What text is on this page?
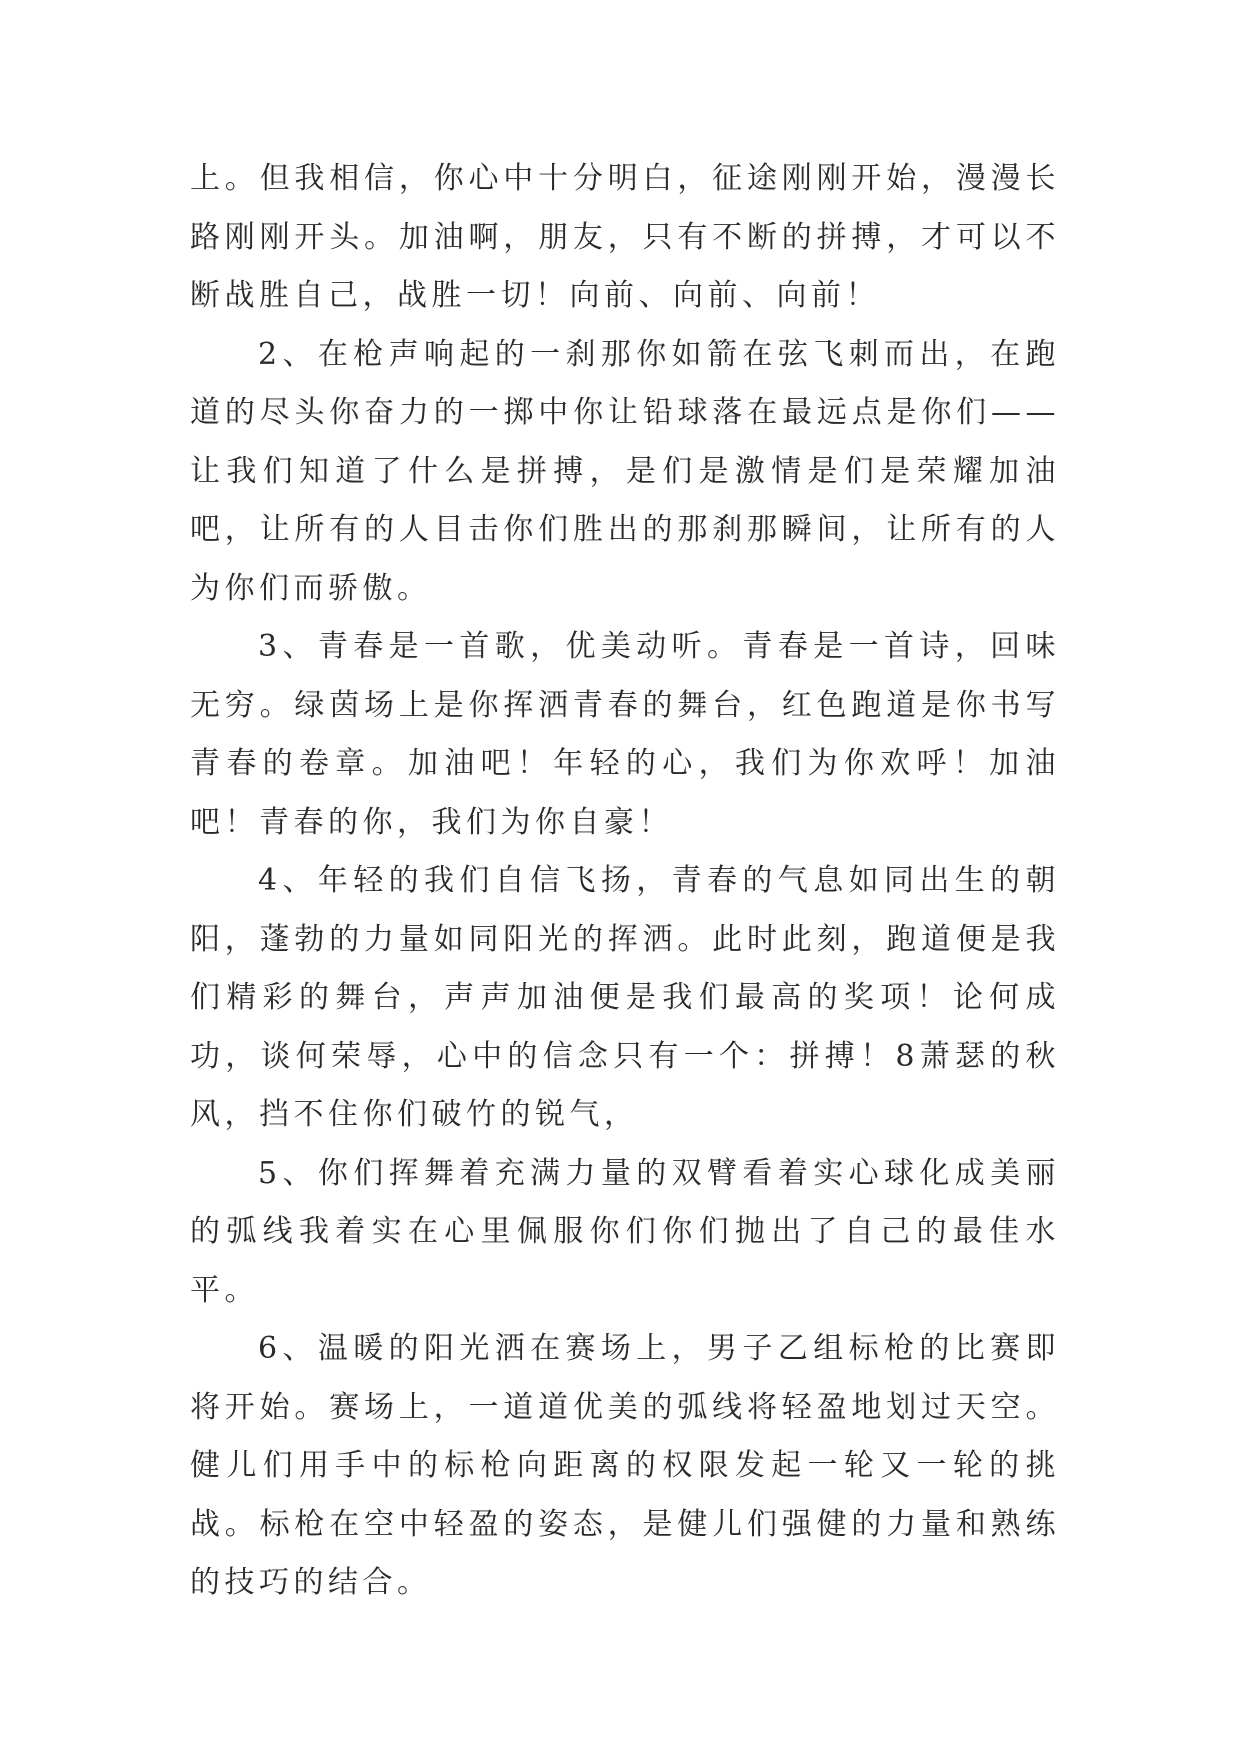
上。但我相信，你心中十分明白，征途刚刚开始，漫漫长路刚刚开头。加油啊，朋友，只有不断的拼搏，才可以不断战胜自己，战胜一切！向前、向前、向前！

2、在枪声响起的一刹那你如箭在弦飞刺而出，在跑道的尽头你奋力的一掷中你让铅球落在最远点是你们——让我们知道了什么是拼搏，是们是激情是们是荣耀加油吧，让所有的人目击你们胜出的那刹那瞬间，让所有的人为你们而骄傲。

3、青春是一首歌，优美动听。青春是一首诗，回味无穷。绿茵场上是你挥洒青春的舞台，红色跑道是你书写青春的卷章。加油吧！年轻的心，我们为你欢呼！加油吧！青春的你，我们为你自豪！

4、年轻的我们自信飞扬，青春的气息如同出生的朝阳，蓬勃的力量如同阳光的挥洒。此时此刻，跑道便是我们精彩的舞台，声声加油便是我们最高的奖项！论何成功，谈何荣辱，心中的信念只有一个：拼搏！8萧瑟的秋风，挡不住你们破竹的锐气，

5、你们挥舞着充满力量的双臂看着实心球化成美丽的弧线我着实在心里佩服你们你们抛出了自己的最佳水平。

6、温暖的阳光洒在赛场上，男子乙组标枪的比赛即将开始。赛场上，一道道优美的弧线将轻盈地划过天空。健儿们用手中的标枪向距离的权限发起一轮又一轮的挑战。标枪在空中轻盈的姿态，是健儿们强健的力量和熟练的技巧的结合。
